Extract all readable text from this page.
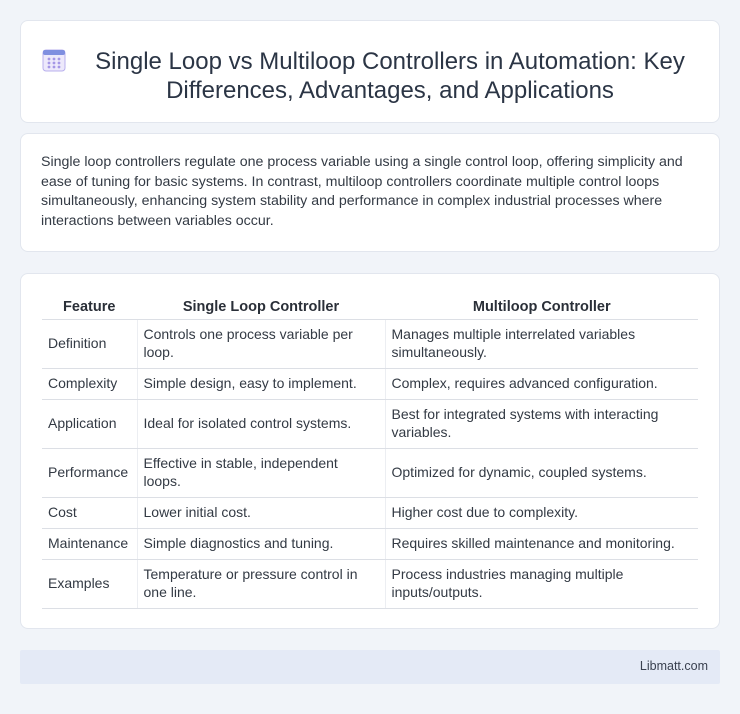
Single Loop vs Multiloop Controllers in Automation: Key Differences, Advantages, and Applications

Single loop controllers regulate one process variable using a single control loop, offering simplicity and ease of tuning for basic systems. In contrast, multiloop controllers coordinate multiple control loops simultaneously, enhancing system stability and performance in complex industrial processes where interactions between variables occur.

Feature	Single Loop Controller	Multiloop Controller
Definition	Controls one process variable per loop.	Manages multiple interrelated variables simultaneously.
Complexity	Simple design, easy to implement.	Complex, requires advanced configuration.
Application	Ideal for isolated control systems.	Best for integrated systems with interacting variables.
Performance	Effective in stable, independent loops.	Optimized for dynamic, coupled systems.
Cost	Lower initial cost.	Higher cost due to complexity.
Maintenance	Simple diagnostics and tuning.	Requires skilled maintenance and monitoring.
Examples	Temperature or pressure control in one line.	Process industries managing multiple inputs/outputs.
Libmatt.com
